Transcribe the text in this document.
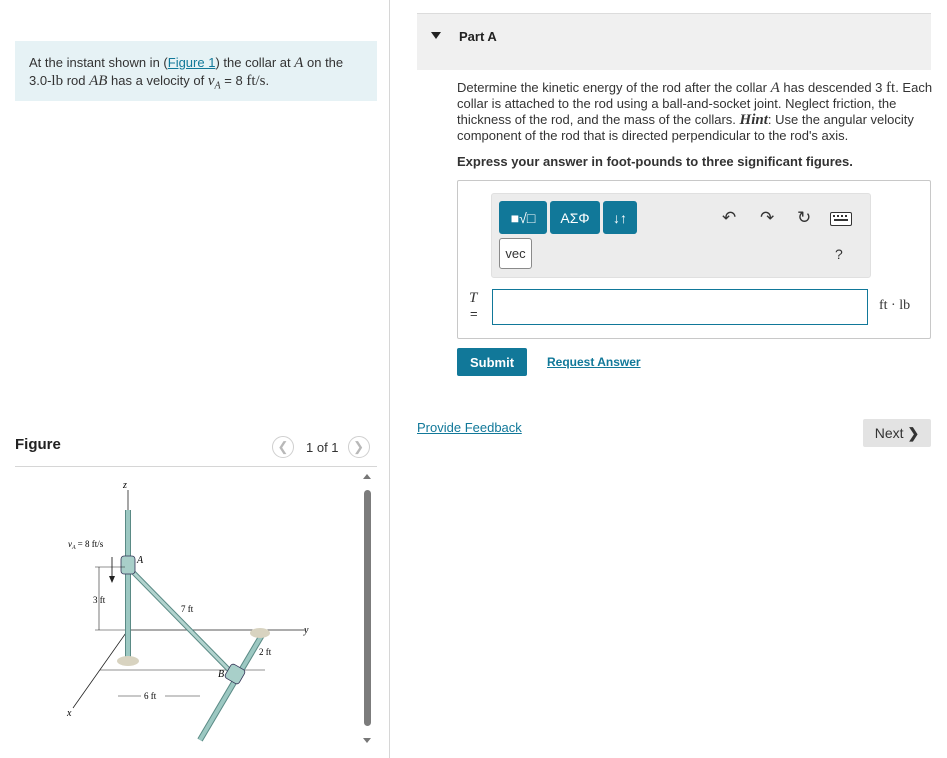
At the instant shown in (Figure 1) the collar at A on the
3.0-lb rod AB has a velocity of $v_A = 8$ ft/s.
Figure	❮ 1 of 1 ❯
z
y
x
A
B
$v_A = 8$ ft/s
3 ft
7 ft
2 ft
6 ft
Part A
Determine the kinetic energy of the rod after the collar A has descended 3 ft. Each collar is attached to the rod using a ball-and-socket joint. Neglect friction, the thickness of the rod, and the mass of the collars. Hint: Use the angular velocity component of the rod that is directed perpendicular to the rod's axis.
Express your answer in foot-pounds to three significant figures.
■√□ AΣΦ ↓↑
vec
↶ ↷ ↻
?
T
=
ft · lb
Submit	Request Answer
Provide Feedback	Next ❯
